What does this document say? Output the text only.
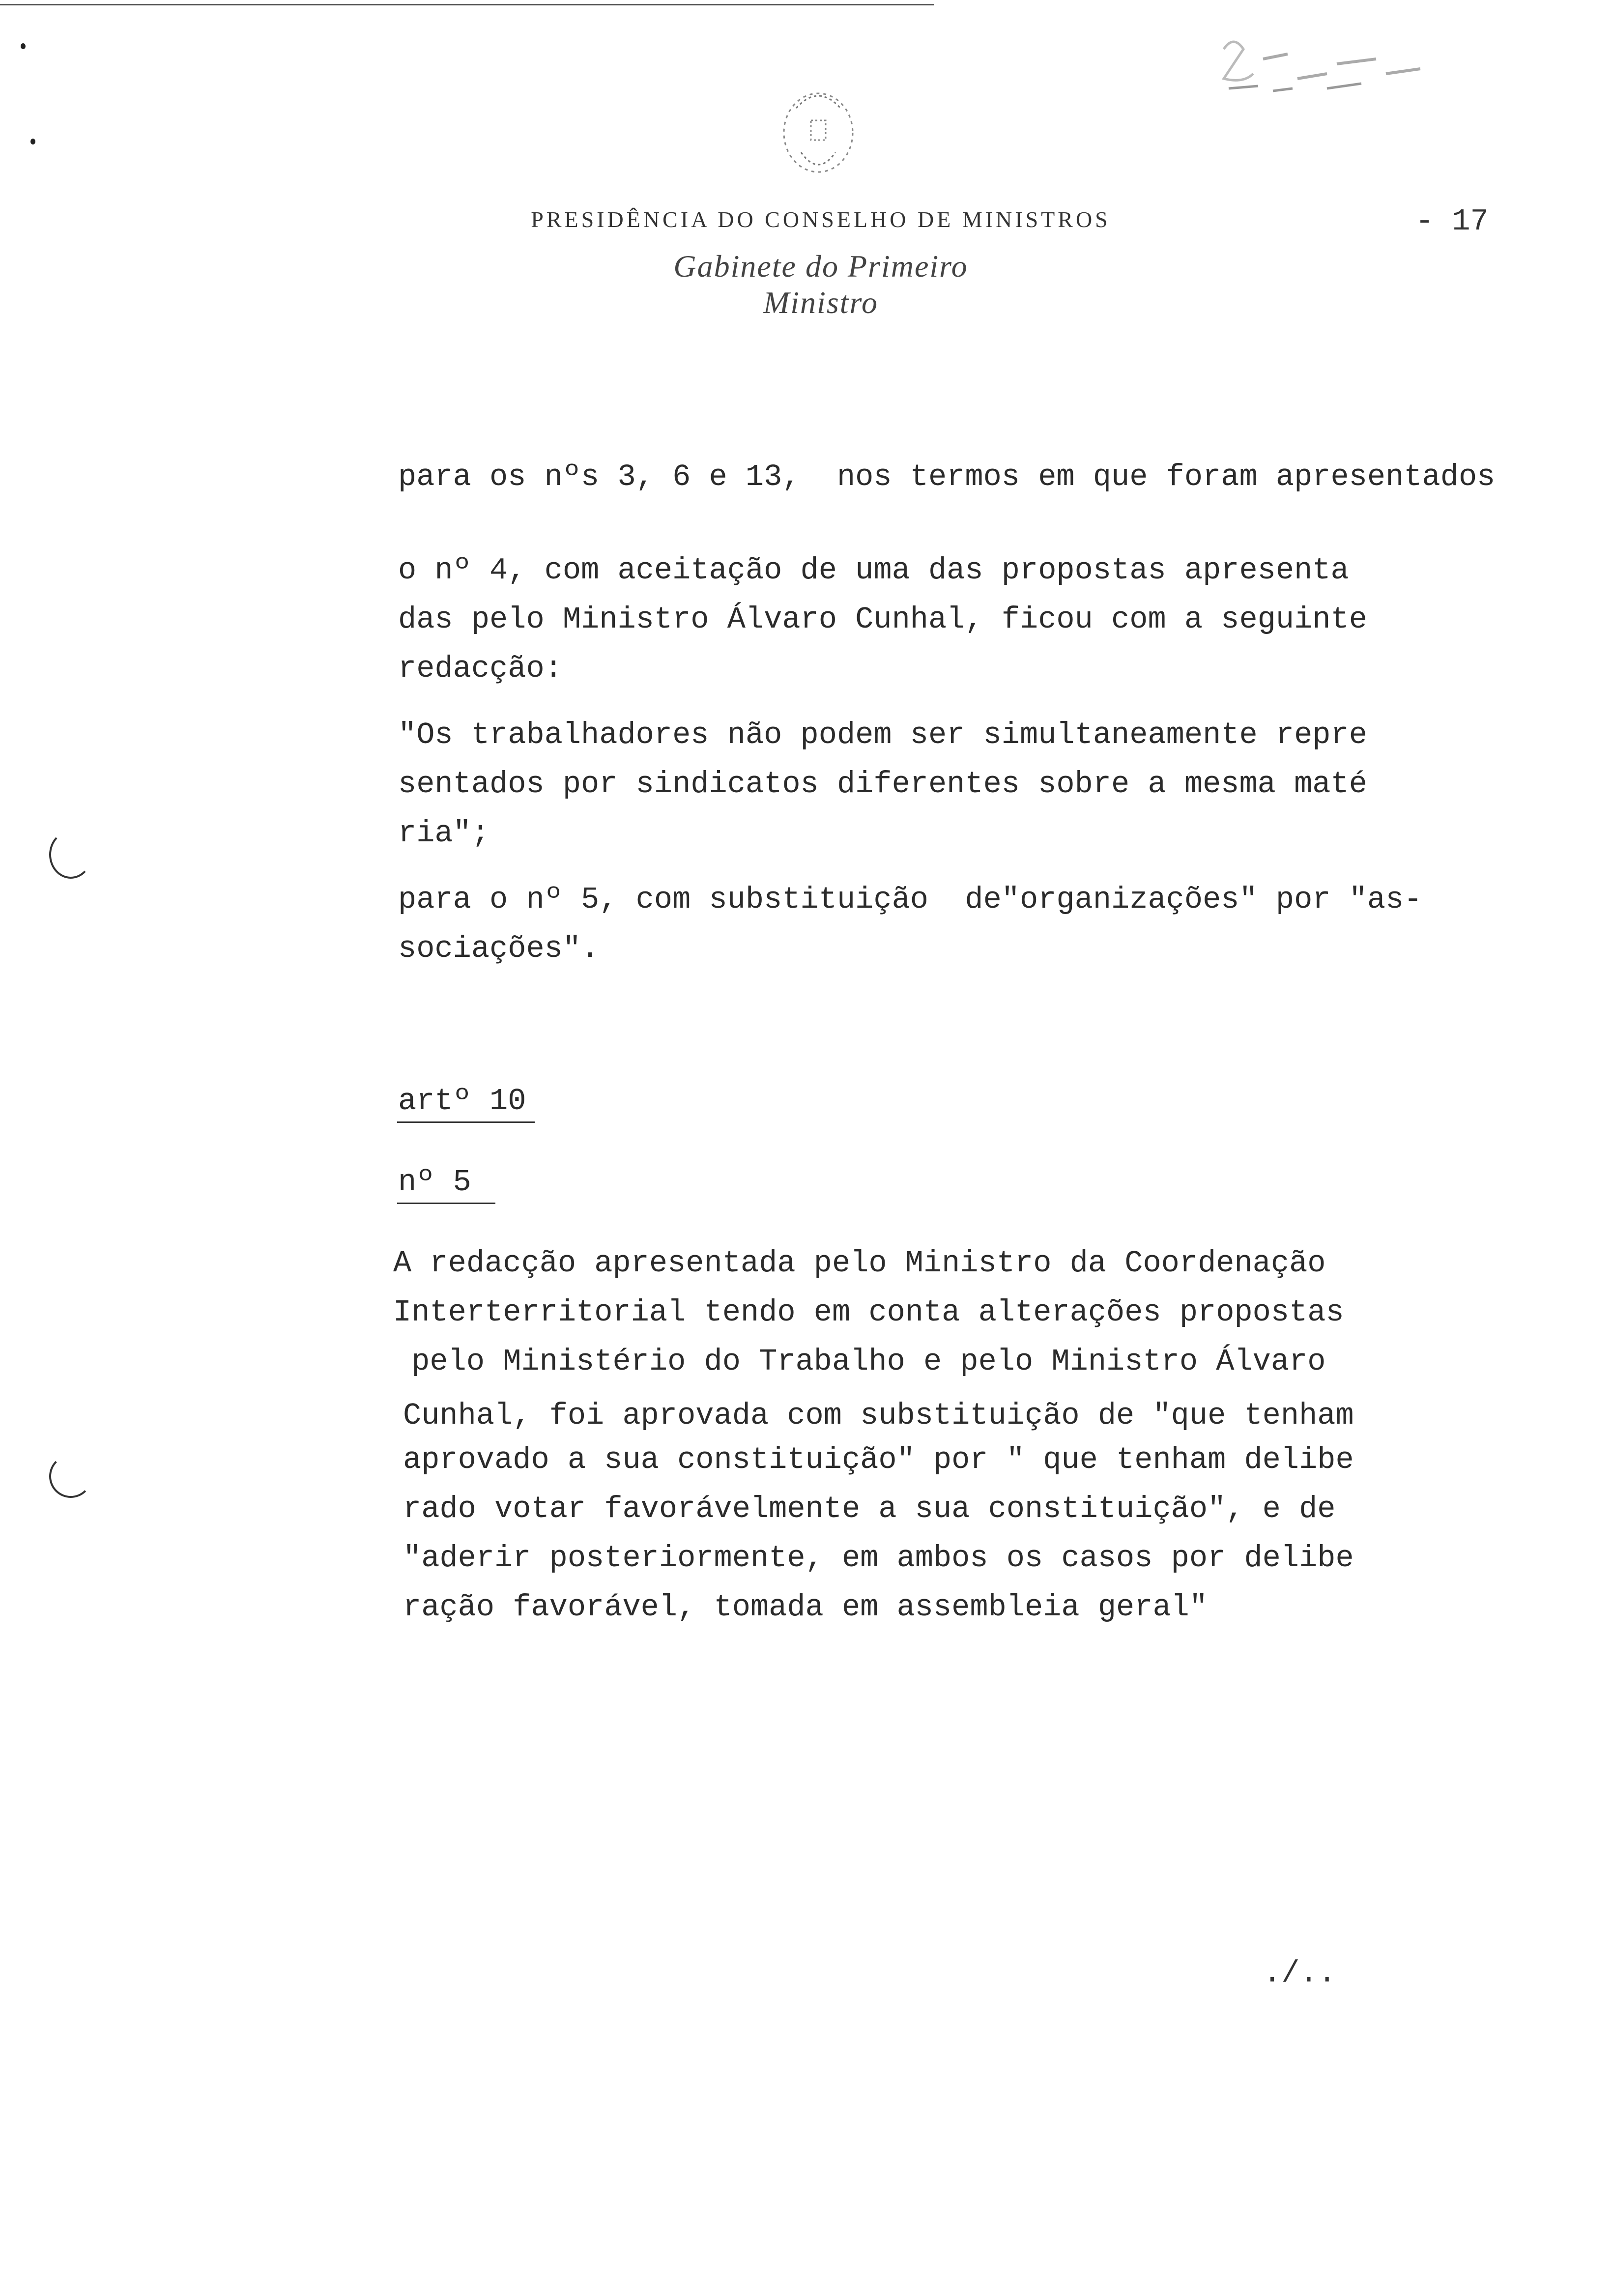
PRESIDÊNCIA DO CONSELHO DE MINISTROS
Gabinete do Primeiro Ministro
- 17
para os nºs 3, 6 e 13,  nos termos em que foram apresentados
o nº 4, com aceitação de uma das propostas apresenta
das pelo Ministro Álvaro Cunhal, ficou com a seguinte
redacção:
"Os trabalhadores não podem ser simultaneamente repre
sentados por sindicatos diferentes sobre a mesma maté
ria";
para o nº 5, com substituição  de"organizações" por "as-
sociações".
artº 10
nº 5
A redacção apresentada pelo Ministro da Coordenação
Interterritorial tendo em conta alterações propostas
pelo Ministério do Trabalho e pelo Ministro Álvaro
Cunhal, foi aprovada com substituição de "que tenham
aprovado a sua constituição" por " que tenham delibe
rado votar favorávelmente a sua constituição", e de
"aderir posteriormente, em ambos os casos por delibe
ração favorável, tomada em assembleia geral"
./..
